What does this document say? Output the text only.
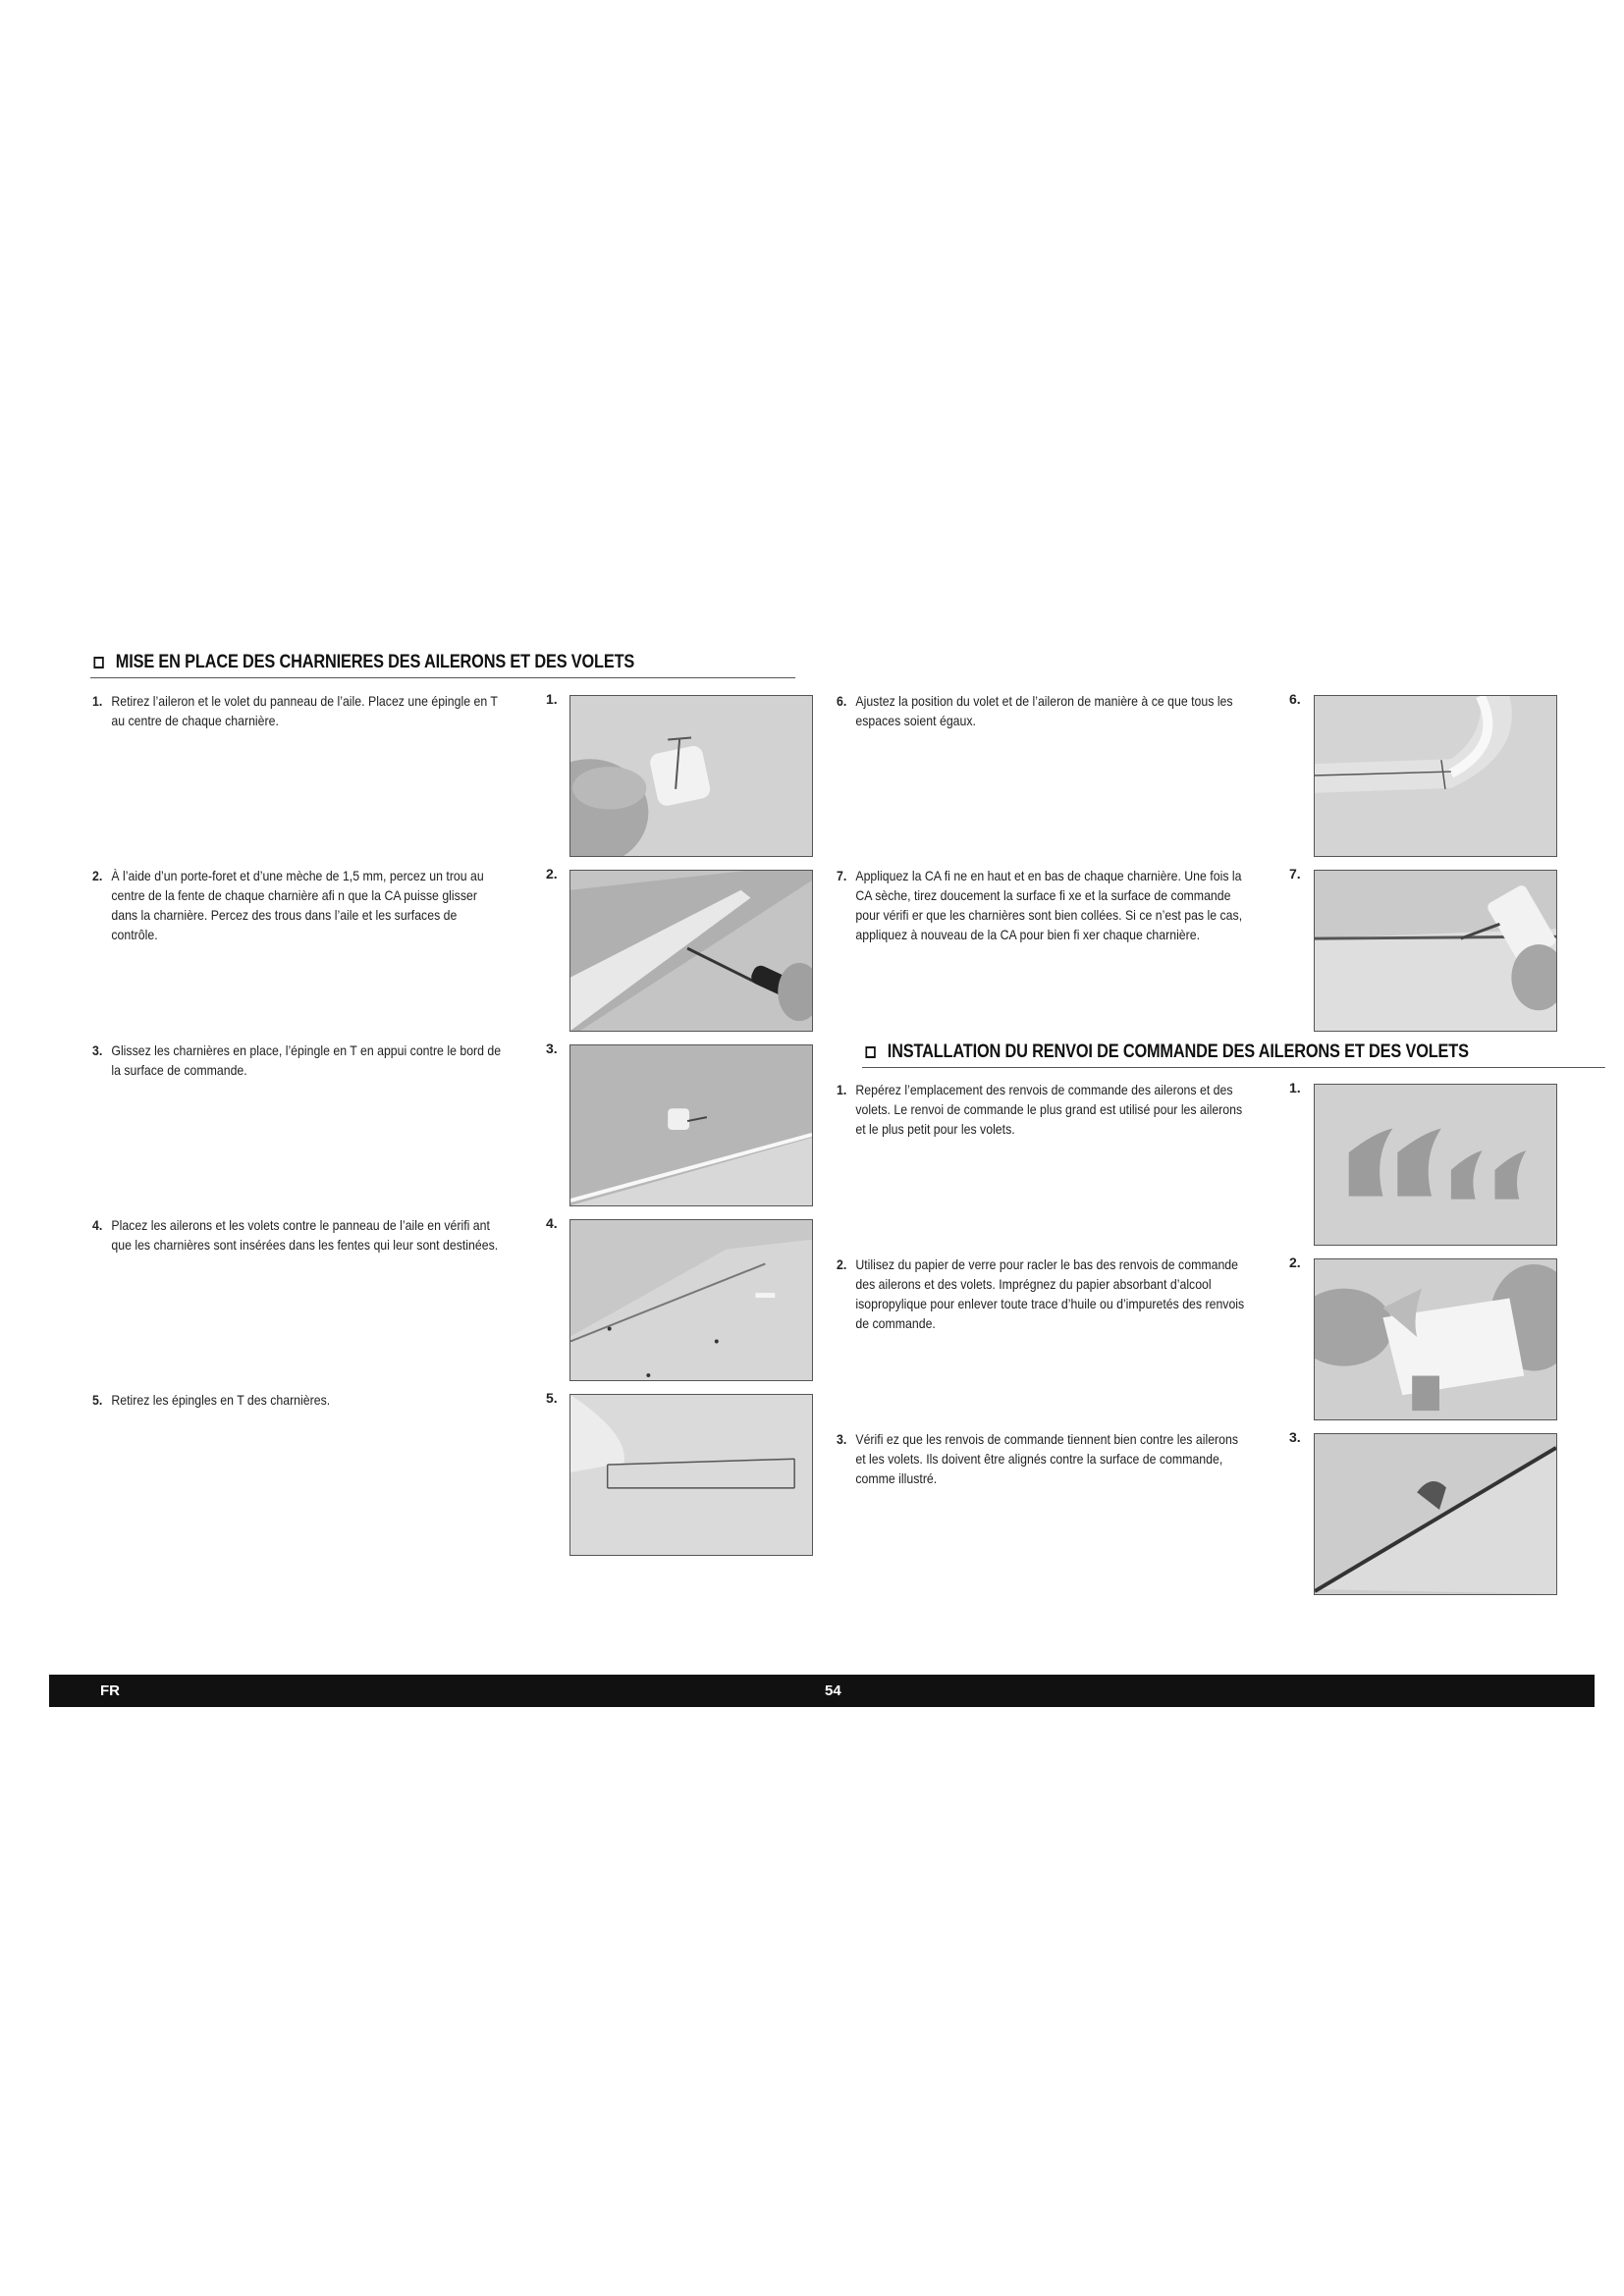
MISE EN PLACE DES CHARNIERES DES AILERONS ET DES VOLETS
INSTALLATION DU RENVOI DE COMMANDE DES AILERONS ET DES VOLETS
1. Retirez l’aileron et le volet du panneau de l’aile. Placez une épingle en T au centre de chaque charnière.
1.
2. À l’aide d’un porte-foret et d’une mèche de 1,5 mm, percez un trou au centre de la fente de chaque charnière afi n que la CA puisse glisser dans la charnière. Percez des trous dans l’aile et les surfaces de contrôle.
2.
3. Glissez les charnières en place, l’épingle en T en appui contre le bord de la surface de commande.
3.
4. Placez les ailerons et les volets contre le panneau de l’aile en vérifi ant que les charnières sont insérées dans les fentes qui leur sont destinées.
4.
5. Retirez les épingles en T des charnières.	5.
6. Ajustez la position du volet et de l’aileron de manière à ce que tous les espaces soient égaux.
6.
7. Appliquez la CA fi ne en haut et en bas de chaque charnière. Une fois la CA sèche, tirez doucement la surface fi xe et la surface de commande pour vérifi er que les charnières sont bien collées. Si ce n’est pas le cas, appliquez à nouveau de la CA pour bien fi xer chaque charnière.
7.
1. Repérez l’emplacement des renvois de commande des ailerons et des volets. Le renvoi de commande le plus grand est utilisé pour les ailerons et le plus petit pour les volets.
1.
2. Utilisez du papier de verre pour racler le bas des renvois de commande des ailerons et des volets. Imprégnez du papier absorbant d’alcool isopropylique pour enlever toute trace d’huile ou d’impuretés des renvois de commande.
2.
3. Vérifi ez que les renvois de commande tiennent bien contre les ailerons et les volets. Ils doivent être alignés contre la surface de commande, comme illustré.
3.
FR	54
